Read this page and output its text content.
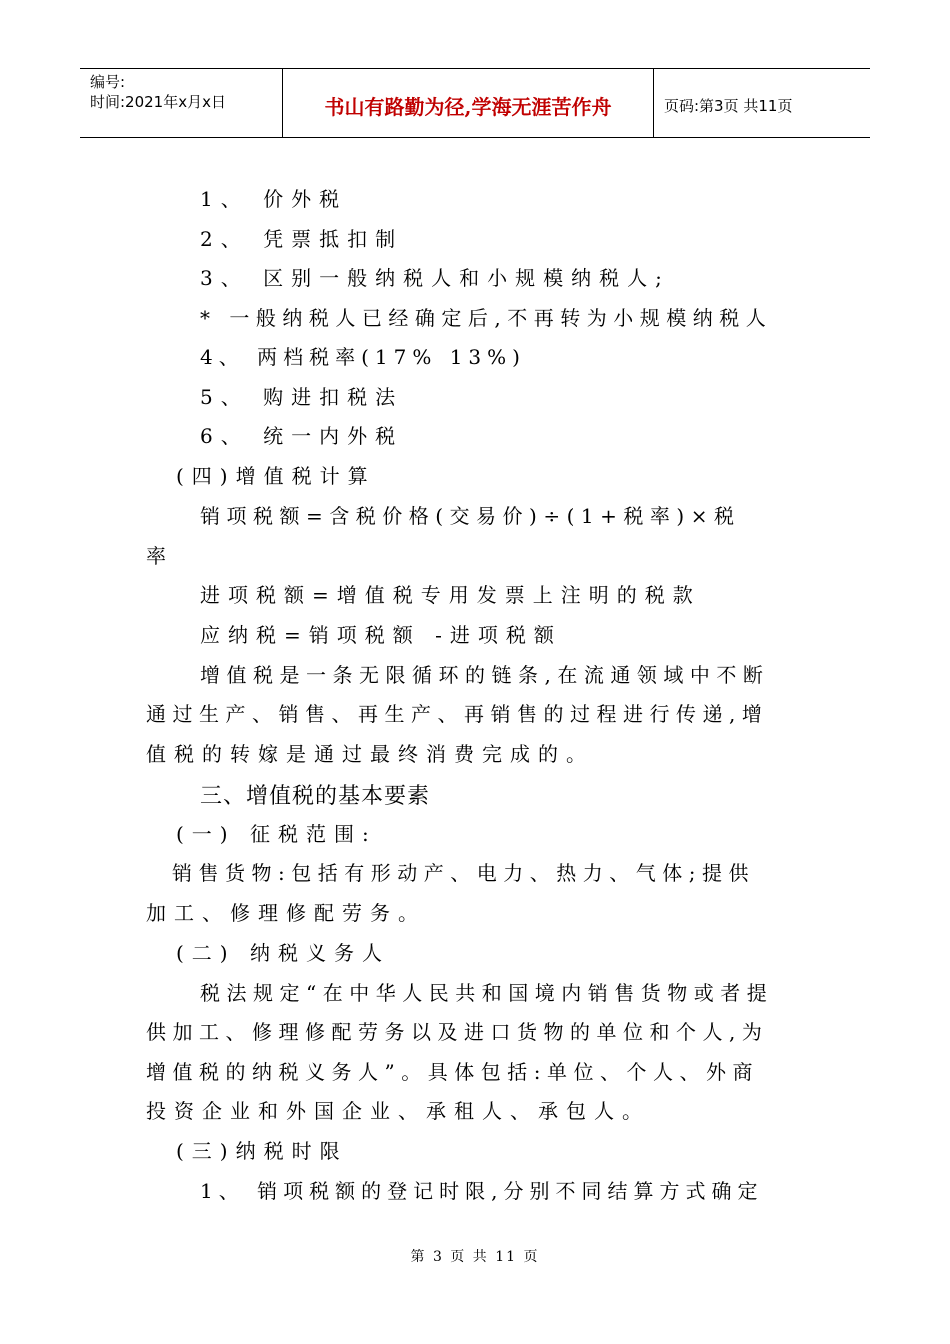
编号:
时间:2021年x月x日	书山有路勤为径,学海无涯苦作舟	页码:第3页 共11页
1、 价外税
2、 凭票抵扣制
3、 区别一般纳税人和小规模纳税人;
* 一般纳税人已经确定后,不再转为小规模纳税人
4、 两档税率(17% 13%)
5、 购进扣税法
6、 统一内外税
(四)增值税计算
销项税额=含税价格(交易价)÷(1+税率)×税
率
进项税额=增值税专用发票上注明的税款
应纳税=销项税额 -进项税额
增值税是一条无限循环的链条,在流通领域中不断
通过生产、销售、再生产、再销售的过程进行传递,增
值税的转嫁是通过最终消费完成的。
三、增值税的基本要素
(一) 征税范围:
销售货物:包括有形动产、电力、热力、气体;提供
加工、修理修配劳务。
(二) 纳税义务人
税法规定“在中华人民共和国境内销售货物或者提
供加工、修理修配劳务以及进口货物的单位和个人,为
增值税的纳税义务人”。具体包括:单位、个人、外商
投资企业和外国企业、承租人、承包人。
(三)纳税时限
1、 销项税额的登记时限,分别不同结算方式确定
第 3 页 共 11 页
